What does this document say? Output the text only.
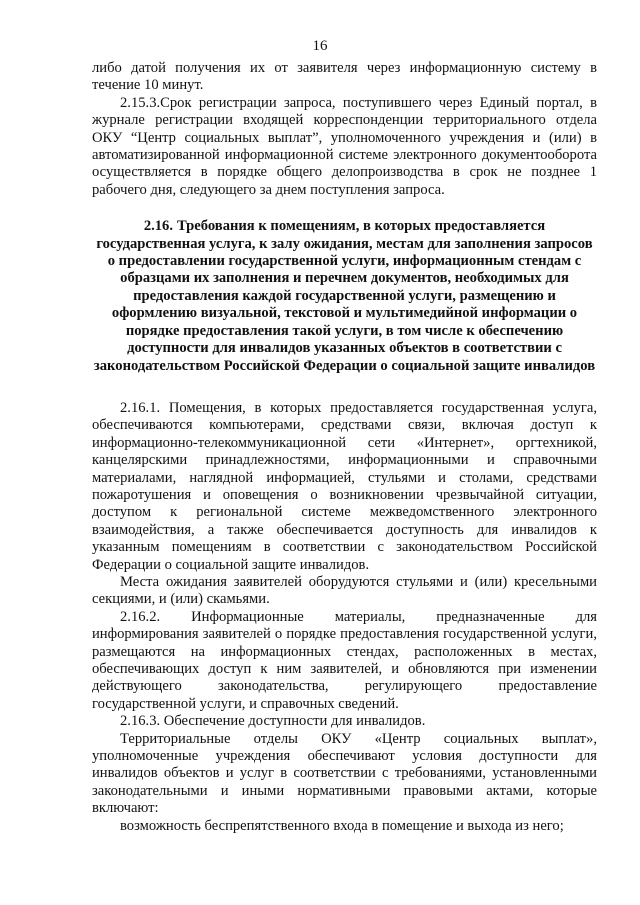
16

либо датой получения их от заявителя через информационную систему в течение 10 минут.

2.15.3.Срок регистрации запроса, поступившего через Единый портал, в журнале регистрации входящей корреспонденции территориального отдела ОКУ “Центр социальных выплат”, уполномоченного учреждения и (или) в автоматизированной информационной системе электронного документооборота осуществляется в порядке общего делопроизводства в срок не позднее 1 рабочего дня, следующего за днем поступления запроса.

2.16. Требования к помещениям, в которых предоставляется государственная услуга, к залу ожидания, местам для заполнения запросов о предоставлении государственной услуги, информационным стендам с образцами их заполнения и перечнем документов, необходимых для предоставления каждой государственной услуги, размещению и оформлению визуальной, текстовой и мультимедийной информации о порядке предоставления такой услуги, в том числе к обеспечению доступности для инвалидов указанных объектов в соответствии с законодательством Российской Федерации о социальной защите инвалидов

2.16.1. Помещения, в которых предоставляется государственная услуга, обеспечиваются компьютерами, средствами связи, включая доступ к информационно-телекоммуникационной сети «Интернет», оргтехникой, канцелярскими принадлежностями, информационными и справочными материалами, наглядной информацией, стульями и столами, средствами пожаротушения и оповещения о возникновении чрезвычайной ситуации, доступом к региональной системе межведомственного электронного взаимодействия, а также обеспечивается доступность для инвалидов к указанным помещениям в соответствии с законодательством Российской Федерации о социальной защите инвалидов.

Места ожидания заявителей оборудуются стульями и (или) кресельными секциями, и (или) скамьями.

2.16.2. Информационные материалы, предназначенные для информирования заявителей о порядке предоставления государственной услуги, размещаются на информационных стендах, расположенных в местах, обеспечивающих доступ к ним заявителей, и обновляются при изменении действующего законодательства, регулирующего предоставление государственной услуги, и справочных сведений.

2.16.3. Обеспечение доступности для инвалидов.

Территориальные отделы ОКУ «Центр социальных выплат», уполномоченные учреждения обеспечивают условия доступности для инвалидов объектов и услуг в соответствии с требованиями, установленными законодательными и иными нормативными правовыми актами, которые включают:

возможность беспрепятственного входа в помещение и выхода из него;
